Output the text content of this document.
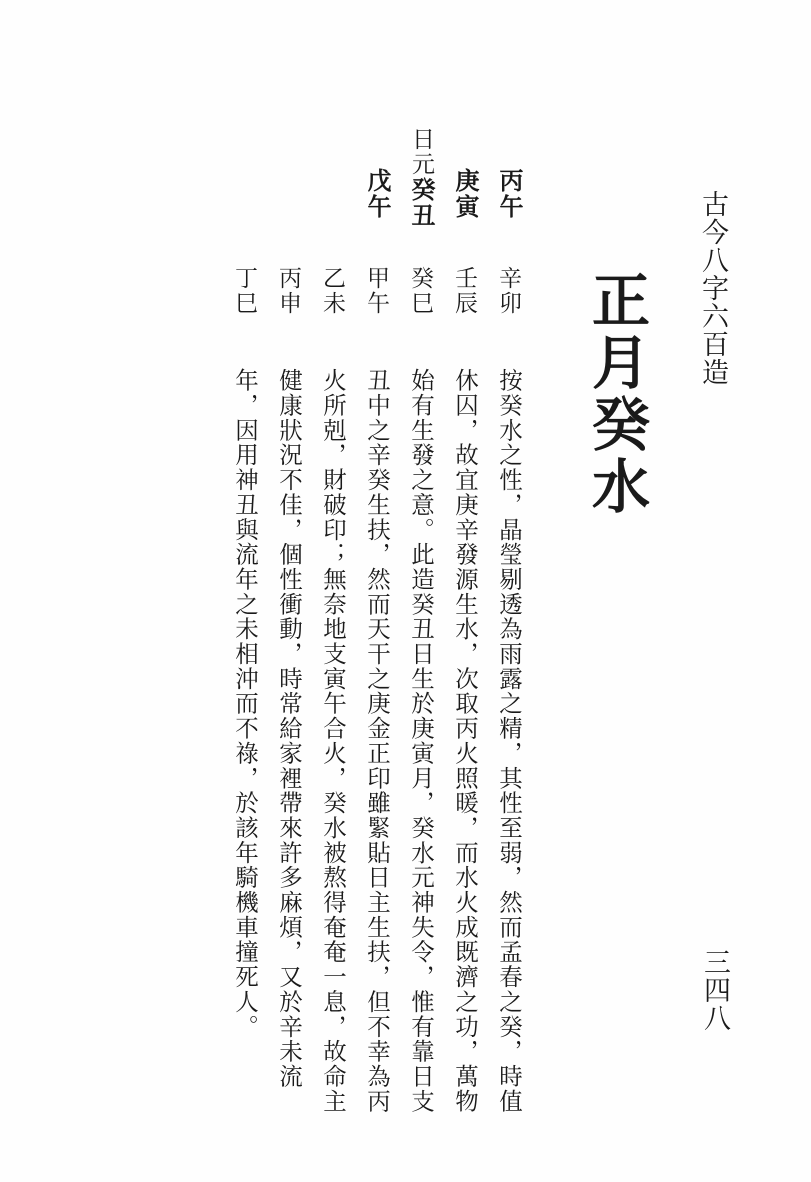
古今八字六百造
三四八
正月癸水
丙午
庚寅
日元癸丑
戊午
辛卯
壬辰
癸巳
甲午
乙未
丙申
丁巳
按癸水之性，晶瑩剔透為雨露之精，其性至弱，然而孟春之癸，時值
休囚，故宜庚辛發源生水，次取丙火照暖，而水火成既濟之功，萬物
始有生發之意。此造癸丑日生於庚寅月，癸水元神失令，惟有靠日支
丑中之辛癸生扶，然而天干之庚金正印雖緊貼日主生扶，但不幸為丙
火所剋，財破印；無奈地支寅午合火，癸水被熬得奄奄一息，故命主
健康狀況不佳，個性衝動，時常給家裡帶來許多麻煩，又於辛未流
年，因用神丑與流年之未相沖而不祿，於該年騎機車撞死人。
